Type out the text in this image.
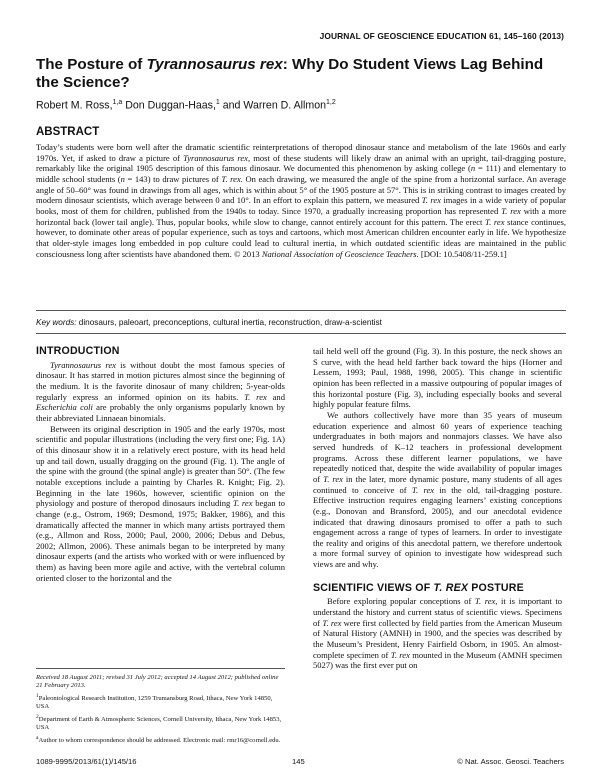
JOURNAL OF GEOSCIENCE EDUCATION 61, 145–160 (2013)
The Posture of Tyrannosaurus rex: Why Do Student Views Lag Behind the Science?
Robert M. Ross,$^{1,a}$ Don Duggan-Haas,$^1$ and Warren D. Allmon$^{1,2}$
ABSTRACT

Today’s students were born well after the dramatic scientific reinterpretations of theropod dinosaur stance and metabolism of the late 1960s and early 1970s. Yet, if asked to draw a picture of Tyrannosaurus rex, most of these students will likely draw an animal with an upright, tail-dragging posture, remarkably like the original 1905 description of this famous dinosaur. We documented this phenomenon by asking college (n = 111) and elementary to middle school students (n = 143) to draw pictures of T. rex. On each drawing, we measured the angle of the spine from a horizontal surface. An average angle of 50–60° was found in drawings from all ages, which is within about 5° of the 1905 posture at 57°. This is in striking contrast to images created by modern dinosaur scientists, which average between 0 and 10°. In an effort to explain this pattern, we measured T. rex images in a wide variety of popular books, most of them for children, published from the 1940s to today. Since 1970, a gradually increasing proportion has represented T. rex with a more horizontal back (lower tail angle). Thus, popular books, while slow to change, cannot entirely account for this pattern. The erect T. rex stance continues, however, to dominate other areas of popular experience, such as toys and cartoons, which most American children encounter early in life. We hypothesize that older-style images long embedded in pop culture could lead to cultural inertia, in which outdated scientific ideas are maintained in the public consciousness long after scientists have abandoned them. © 2013 National Association of Geoscience Teachers. [DOI: 10.5408/11-259.1]

Key words: dinosaurs, paleoart, preconceptions, cultural inertia, reconstruction, draw-a-scientist
INTRODUCTION

Tyrannosaurus rex is without doubt the most famous species of dinosaur. It has starred in motion pictures almost since the beginning of the medium. It is the favorite dinosaur of many children; 5-year-olds regularly express an informed opinion on its habits. T. rex and Escherichia coli are probably the only organisms popularly known by their abbreviated Linnaean binomials.

Between its original description in 1905 and the early 1970s, most scientific and popular illustrations (including the very first one; Fig. 1A) of this dinosaur show it in a relatively erect posture, with its head held up and tail down, usually dragging on the ground (Fig. 1). The angle of the spine with the ground (the spinal angle) is greater than 50°. (The few notable exceptions include a painting by Charles R. Knight; Fig. 2). Beginning in the late 1960s, however, scientific opinion on the physiology and posture of theropod dinosaurs including T. rex began to change (e.g., Ostrom, 1969; Desmond, 1975; Bakker, 1986), and this dramatically affected the manner in which many artists portrayed them (e.g., Allmon and Ross, 2000; Paul, 2000, 2006; Debus and Debus, 2002; Allmon, 2006). These animals began to be interpreted by many dinosaur experts (and the artists who worked with or were influenced by them) as having been more agile and active, with the vertebral column oriented closer to the horizontal and the

Received 18 August 2011; revised 31 July 2012; accepted 14 August 2012; published online 21 February 2013.
$^1$Paleontological Research Institution, 1259 Trumansburg Road, Ithaca, New York 14850, USA
$^2$Department of Earth & Atmospheric Sciences, Cornell University, Ithaca, New York 14853, USA
$^a$Author to whom correspondence should be addressed. Electronic mail: rmr16@cornell.edu.

tail held well off the ground (Fig. 3). In this posture, the neck shows an S curve, with the head held farther back toward the hips (Horner and Lessem, 1993; Paul, 1988, 1998, 2005). This change in scientific opinion has been reflected in a massive outpouring of popular images of this horizontal posture (Fig. 3), including especially books and several highly popular feature films.

We authors collectively have more than 35 years of museum education experience and almost 60 years of experience teaching undergraduates in both majors and nonmajors classes. We have also served hundreds of K–12 teachers in professional development programs. Across these different learner populations, we have repeatedly noticed that, despite the wide availability of popular images of T. rex in the later, more dynamic posture, many students of all ages continued to conceive of T. rex in the old, tail-dragging posture. Effective instruction requires engaging learners’ existing conceptions (e.g., Donovan and Bransford, 2005), and our anecdotal evidence indicated that drawing dinosaurs promised to offer a path to such engagement across a range of types of learners. In order to investigate the reality and origins of this anecdotal pattern, we therefore undertook a more formal survey of opinion to investigate how widespread such views are and why.

SCIENTIFIC VIEWS OF T. REX POSTURE

Before exploring popular conceptions of T. rex, it is important to understand the history and current status of scientific views. Specimens of T. rex were first collected by field parties from the American Museum of Natural History (AMNH) in 1900, and the species was described by the Museum’s President, Henry Fairfield Osborn, in 1905. An almost-complete specimen of T. rex mounted in the Museum (AMNH specimen 5027) was the first ever put on

1089-9995/2013/61(1)/145/16	145	© Nat. Assoc. Geosci. Teachers
